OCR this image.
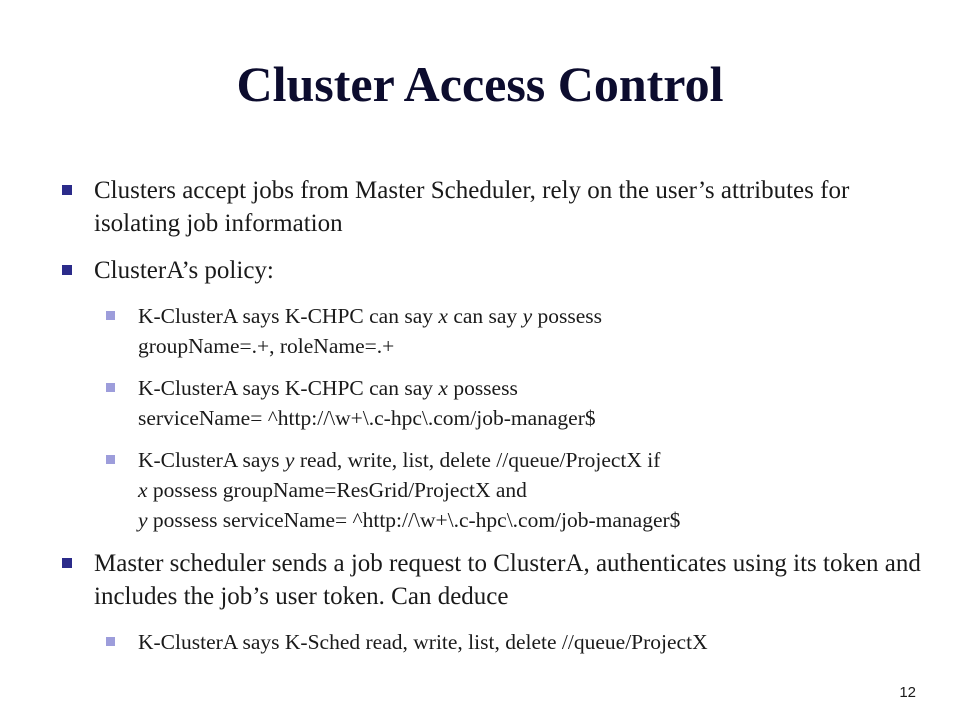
Cluster Access Control
Clusters accept jobs from Master Scheduler, rely on the user’s attributes for isolating job information
ClusterA’s policy:
K-ClusterA says K-CHPC can say x can say y possess
groupName=.+, roleName=.+
K-ClusterA says K-CHPC can say x possess
serviceName= ^http://\w+\.c-hpc\.com/job-manager$
K-ClusterA says y read, write, list, delete //queue/ProjectX if
x possess groupName=ResGrid/ProjectX and
y possess serviceName= ^http://\w+\.c-hpc\.com/job-manager$
Master scheduler sends a job request to ClusterA, authenticates using its token and includes the job’s user token. Can deduce
K-ClusterA says K-Sched read, write, list, delete //queue/ProjectX
12
